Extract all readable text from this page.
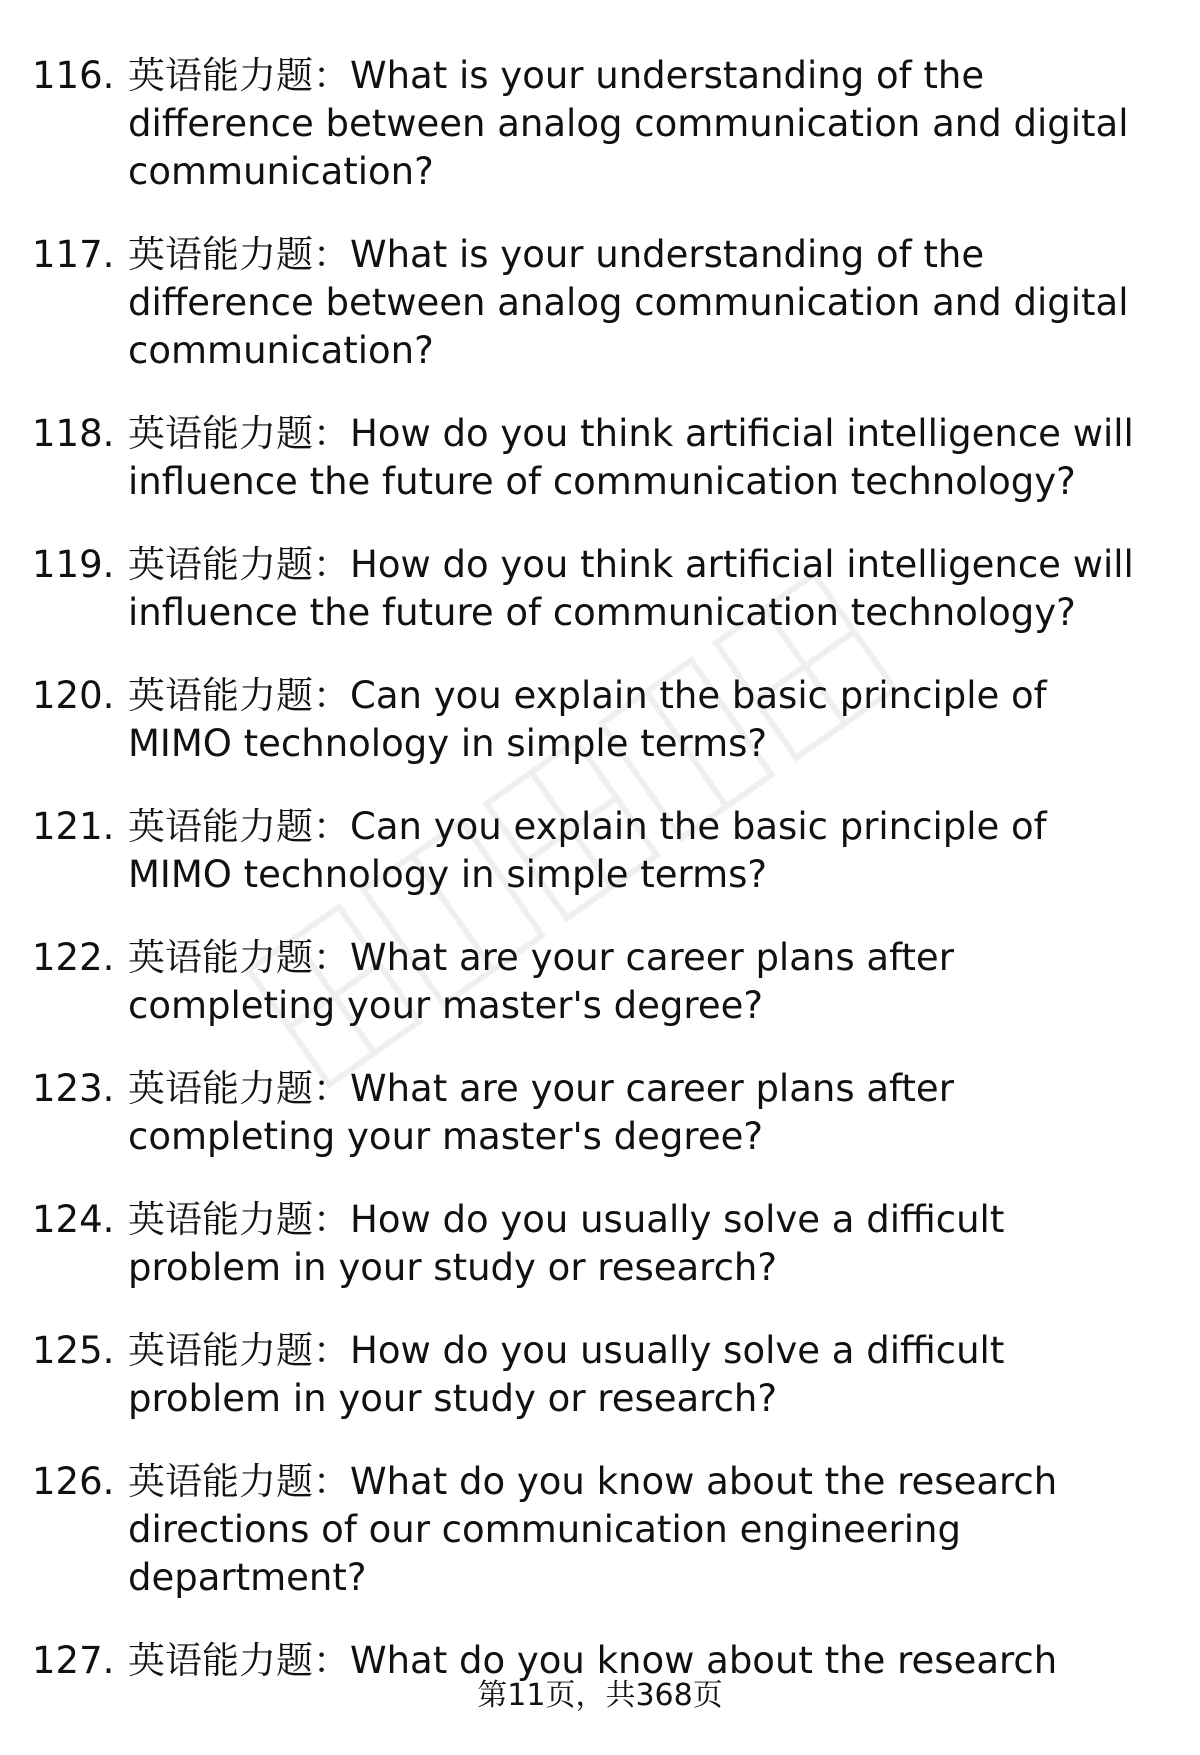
116. 英语能力题：What is your understanding of the difference between analog communication and digital communication?
117. 英语能力题：What is your understanding of the difference between analog communication and digital communication?
118. 英语能力题：How do you think artificial intelligence will influence the future of communication technology?
119. 英语能力题：How do you think artificial intelligence will influence the future of communication technology?
120. 英语能力题：Can you explain the basic principle of MIMO technology in simple terms?
121. 英语能力题：Can you explain the basic principle of MIMO technology in simple terms?
122. 英语能力题：What are your career plans after completing your master's degree?
123. 英语能力题：What are your career plans after completing your master's degree?
124. 英语能力题：How do you usually solve a difficult problem in your study or research?
125. 英语能力题：How do you usually solve a difficult problem in your study or research?
126. 英语能力题：What do you know about the research directions of our communication engineering department?
127. 英语能力题：What do you know about the research
第11页，共368页
